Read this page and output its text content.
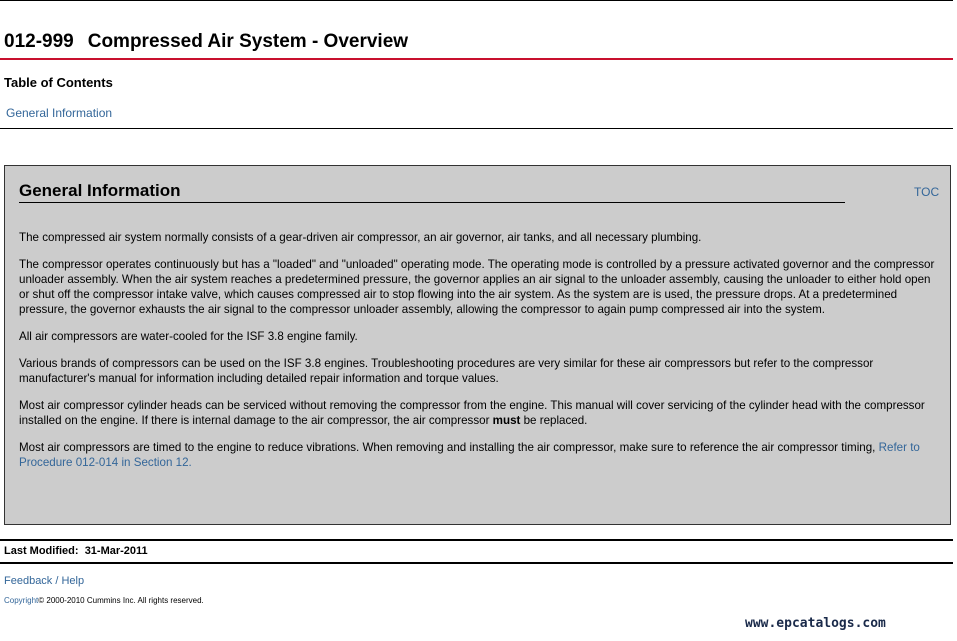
012-999 Compressed Air System - Overview
Table of Contents
General Information
General Information	TOC

The compressed air system normally consists of a gear-driven air compressor, an air governor, air tanks, and all necessary plumbing.

The compressor operates continuously but has a "loaded" and "unloaded" operating mode. The operating mode is controlled by a pressure activated governor and the compressor unloader assembly. When the air system reaches a predetermined pressure, the governor applies an air signal to the unloader assembly, causing the unloader to either hold open or shut off the compressor intake valve, which causes compressed air to stop flowing into the air system. As the system are is used, the pressure drops. At a predetermined pressure, the governor exhausts the air signal to the compressor unloader assembly, allowing the compressor to again pump compressed air into the system.

All air compressors are water-cooled for the ISF 3.8 engine family.

Various brands of compressors can be used on the ISF 3.8 engines. Troubleshooting procedures are very similar for these air compressors but refer to the compressor manufacturer's manual for information including detailed repair information and torque values.

Most air compressor cylinder heads can be serviced without removing the compressor from the engine. This manual will cover servicing of the cylinder head with the compressor installed on the engine. If there is internal damage to the air compressor, the air compressor must be replaced.

Most air compressors are timed to the engine to reduce vibrations. When removing and installing the air compressor, make sure to reference the air compressor timing, Refer to Procedure 012-014 in Section 12.

Last Modified: 31-Mar-2011
Feedback / Help
Copyright© 2000-2010 Cummins Inc. All rights reserved.
www.epcatalogs.com
